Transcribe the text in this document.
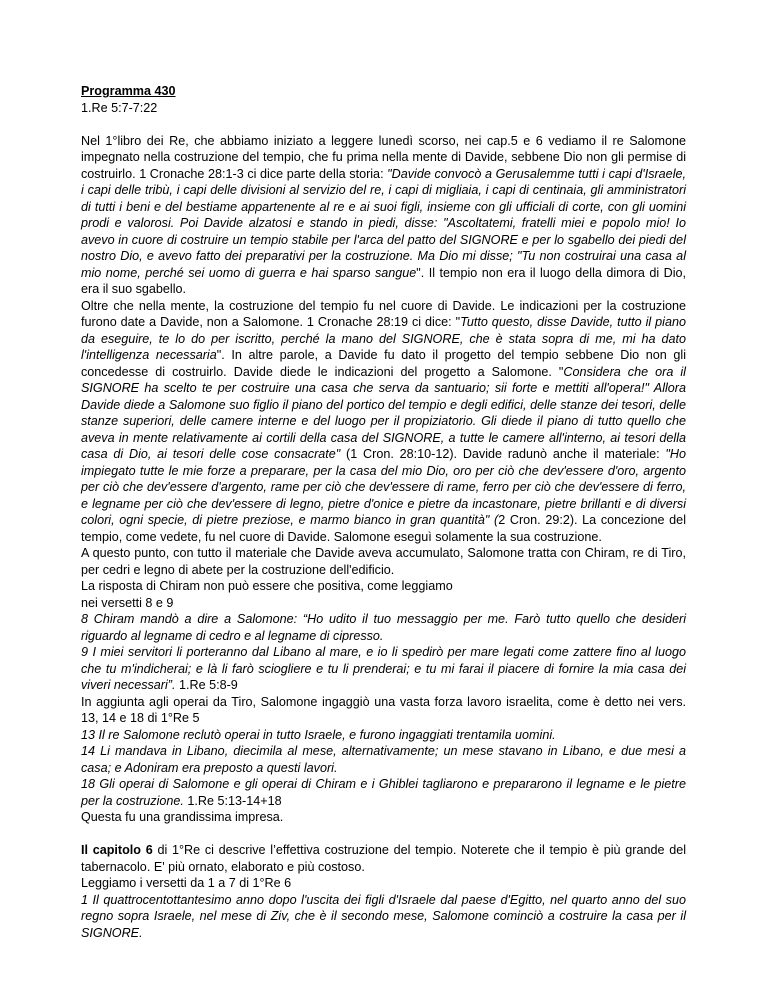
Programma 430

1.Re 5:7-7:22

Nel 1°libro dei Re, che abbiamo iniziato a leggere lunedì scorso, nei cap.5 e 6 vediamo il re Salomone impegnato nella costruzione del tempio, che fu prima nella mente di Davide, sebbene Dio non gli permise di costruirlo. 1 Cronache 28:1-3 ci dice parte della storia: "Davide convocò a Gerusalemme tutti i capi d'Israele, i capi delle tribù, i capi delle divisioni al servizio del re, i capi di migliaia, i capi di centinaia, gli amministratori di tutti i beni e del bestiame appartenente al re e ai suoi figli, insieme con gli ufficiali di corte, con gli uomini prodi e valorosi. Poi Davide alzatosi e stando in piedi, disse: "Ascoltatemi, fratelli miei e popolo mio! Io avevo in cuore di costruire un tempio stabile per l'arca del patto del SIGNORE e per lo sgabello dei piedi del nostro Dio, e avevo fatto dei preparativi per la costruzione. Ma Dio mi disse; "Tu non costruirai una casa al mio nome, perché sei uomo di guerra e hai sparso sangue". Il tempio non era il luogo della dimora di Dio, era il suo sgabello.

Oltre che nella mente, la costruzione del tempio fu nel cuore di Davide. Le indicazioni per la costruzione furono date a Davide, non a Salomone. 1 Cronache 28:19 ci dice: "Tutto questo, disse Davide, tutto il piano da eseguire, te lo do per iscritto, perché la mano del SIGNORE, che è stata sopra di me, mi ha dato l'intelligenza necessaria". In altre parole, a Davide fu dato il progetto del tempio sebbene Dio non gli concedesse di costruirlo. Davide diede le indicazioni del progetto a Salomone. "Considera che ora il SIGNORE ha scelto te per costruire una casa che serva da santuario; sii forte e mettiti all'opera!" Allora Davide diede a Salomone suo figlio il piano del portico del tempio e degli edifici, delle stanze dei tesori, delle stanze superiori, delle camere interne e del luogo per il propiziatorio. Gli diede il piano di tutto quello che aveva in mente relativamente ai cortili della casa del SIGNORE, a tutte le camere all'interno, ai tesori della casa di Dio, ai tesori delle cose consacrate" (1 Cron. 28:10-12). Davide radunò anche il materiale: "Ho impiegato tutte le mie forze a preparare, per la casa del mio Dio, oro per ciò che dev'essere d'oro, argento per ciò che dev'essere d'argento, rame per ciò che dev'essere di rame, ferro per ciò che dev'essere di ferro, e legname per ciò che dev'essere di legno, pietre d'onice e pietre da incastonare, pietre brillanti e di diversi colori, ogni specie, di pietre preziose, e marmo bianco in gran quantità" (2 Cron. 29:2). La concezione del tempio, come vedete, fu nel cuore di Davide. Salomone eseguì solamente la sua costruzione.

A questo punto, con tutto il materiale che Davide aveva accumulato, Salomone tratta con Chiram, re di Tiro, per cedri e legno di abete per la costruzione dell'edificio.

La risposta di Chiram non può essere che positiva, come leggiamo

nei versetti 8 e 9

8 Chiram mandò a dire a Salomone: “Ho udito il tuo messaggio per me. Farò tutto quello che desideri riguardo al legname di cedro e al legname di cipresso.

9 I miei servitori li porteranno dal Libano al mare, e io li spedirò per mare legati come zattere fino al luogo che tu m'indicherai; e là li farò sciogliere e tu li prenderai; e tu mi farai il piacere di fornire la mia casa dei viveri necessari”. 1.Re 5:8-9

In aggiunta agli operai da Tiro, Salomone ingaggiò una vasta forza lavoro israelita, come è detto nei vers. 13, 14 e 18 di 1°Re 5

13 Il re Salomone reclutò operai in tutto Israele, e furono ingaggiati trentamila uomini.

14 Li mandava in Libano, diecimila al mese, alternativamente; un mese stavano in Libano, e due mesi a casa; e Adoniram era preposto a questi lavori.

18 Gli operai di Salomone e gli operai di Chiram e i Ghiblei tagliarono e prepararono il legname e le pietre per la costruzione. 1.Re 5:13-14+18

Questa fu una grandissima impresa.

Il capitolo 6 di 1°Re ci descrive l’effettiva costruzione del tempio. Noterete che il tempio è più grande del tabernacolo. E' più ornato, elaborato e più costoso.

Leggiamo i versetti da 1 a 7 di 1°Re 6

1 Il quattrocentottantesimo anno dopo l'uscita dei figli d'Israele dal paese d'Egitto, nel quarto anno del suo regno sopra Israele, nel mese di Ziv, che è il secondo mese, Salomone cominciò a costruire la casa per il SIGNORE.
